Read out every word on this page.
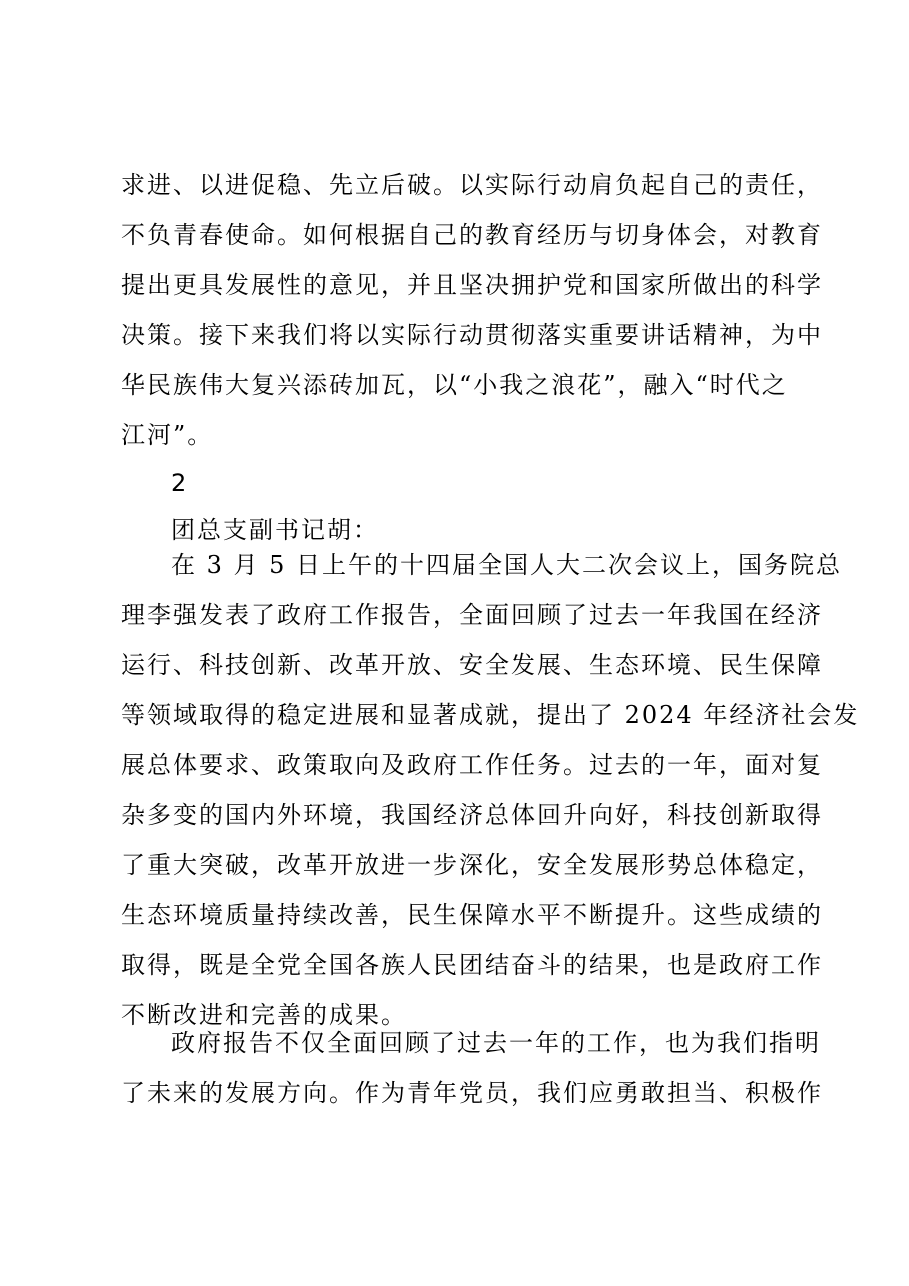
求进、以进促稳、先立后破。以实际行动肩负起自己的责任，
不负青春使命。如何根据自己的教育经历与切身体会，对教育
提出更具发展性的意见，并且坚决拥护党和国家所做出的科学
决策。接下来我们将以实际行动贯彻落实重要讲话精神，为中
华民族伟大复兴添砖加瓦，以“小我之浪花”，融入“时代之
江河”。
2
团总支副书记胡：
在 3 月 5 日上午的十四届全国人大二次会议上，国务院总
理李强发表了政府工作报告，全面回顾了过去一年我国在经济
运行、科技创新、改革开放、安全发展、生态环境、民生保障
等领域取得的稳定进展和显著成就，提出了 2024 年经济社会发
展总体要求、政策取向及政府工作任务。过去的一年，面对复
杂多变的国内外环境，我国经济总体回升向好，科技创新取得
了重大突破，改革开放进一步深化，安全发展形势总体稳定，
生态环境质量持续改善，民生保障水平不断提升。这些成绩的
取得，既是全党全国各族人民团结奋斗的结果，也是政府工作
不断改进和完善的成果。
政府报告不仅全面回顾了过去一年的工作，也为我们指明
了未来的发展方向。作为青年党员，我们应勇敢担当、积极作
